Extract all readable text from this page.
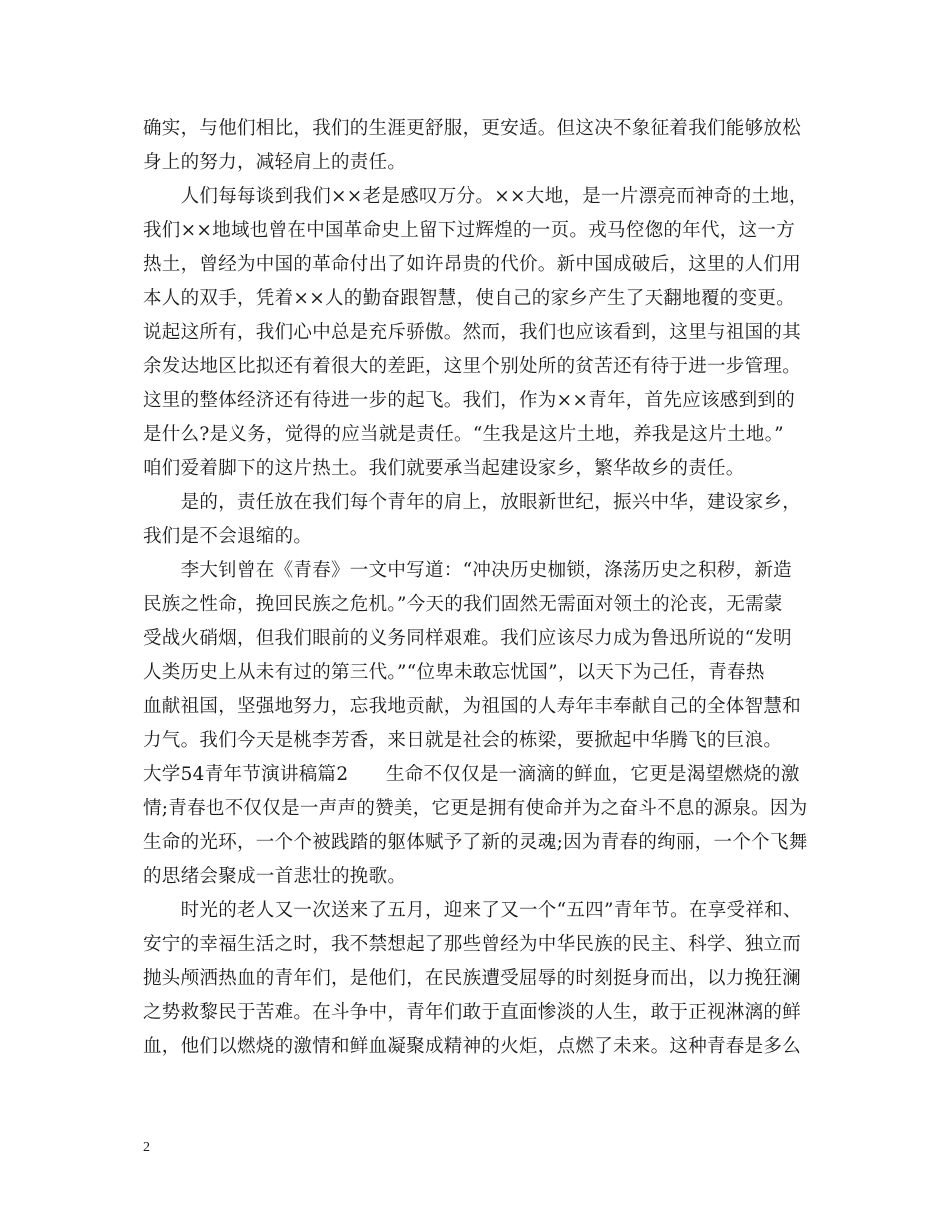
确实，与他们相比，我们的生涯更舒服，更安适。但这决不象征着我们能够放松
身上的努力，减轻肩上的责任。
　　人们每每谈到我们××老是感叹万分。××大地，是一片漂亮而神奇的土地，
我们××地域也曾在中国革命史上留下过辉煌的一页。戎马倥偬的年代，这一方
热土，曾经为中国的革命付出了如许昂贵的代价。新中国成破后，这里的人们用
本人的双手，凭着××人的勤奋跟智慧，使自己的家乡产生了天翻地覆的变更。
说起这所有，我们心中总是充斥骄傲。然而，我们也应该看到，这里与祖国的其
余发达地区比拟还有着很大的差距，这里个别处所的贫苦还有待于进一步管理。
这里的整体经济还有待进一步的起飞。我们，作为××青年，首先应该感到到的
是什么?是义务，觉得的应当就是责任。“生我是这片土地，养我是这片土地。”
咱们爱着脚下的这片热土。我们就要承当起建设家乡，繁华故乡的责任。
　　是的，责任放在我们每个青年的肩上，放眼新世纪，振兴中华，建设家乡，
我们是不会退缩的。
　　李大钊曾在《青春》一文中写道：“冲决历史枷锁，涤荡历史之积秽，新造
民族之性命，挽回民族之危机。”今天的我们固然无需面对领土的沦丧，无需蒙
受战火硝烟，但我们眼前的义务同样艰难。我们应该尽力成为鲁迅所说的“发明
人类历史上从未有过的第三代。”“位卑未敢忘忧国”，以天下为己任，青春热
血献祖国，坚强地努力，忘我地贡献，为祖国的人寿年丰奉献自己的全体智慧和
力气。我们今天是桃李芳香，来日就是社会的栋梁，要掀起中华腾飞的巨浪。
大学54青年节演讲稿篇2　　生命不仅仅是一滴滴的鲜血，它更是渴望燃烧的激
情;青春也不仅仅是一声声的赞美，它更是拥有使命并为之奋斗不息的源泉。因为
生命的光环，一个个被践踏的躯体赋予了新的灵魂;因为青春的绚丽，一个个飞舞
的思绪会聚成一首悲壮的挽歌。
　　时光的老人又一次送来了五月，迎来了又一个“五四”青年节。在享受祥和、
安宁的幸福生活之时，我不禁想起了那些曾经为中华民族的民主、科学、独立而
抛头颅洒热血的青年们，是他们，在民族遭受屈辱的时刻挺身而出，以力挽狂澜
之势救黎民于苦难。在斗争中，青年们敢于直面惨淡的人生，敢于正视淋漓的鲜
血，他们以燃烧的激情和鲜血凝聚成精神的火炬，点燃了未来。这种青春是多么
2
